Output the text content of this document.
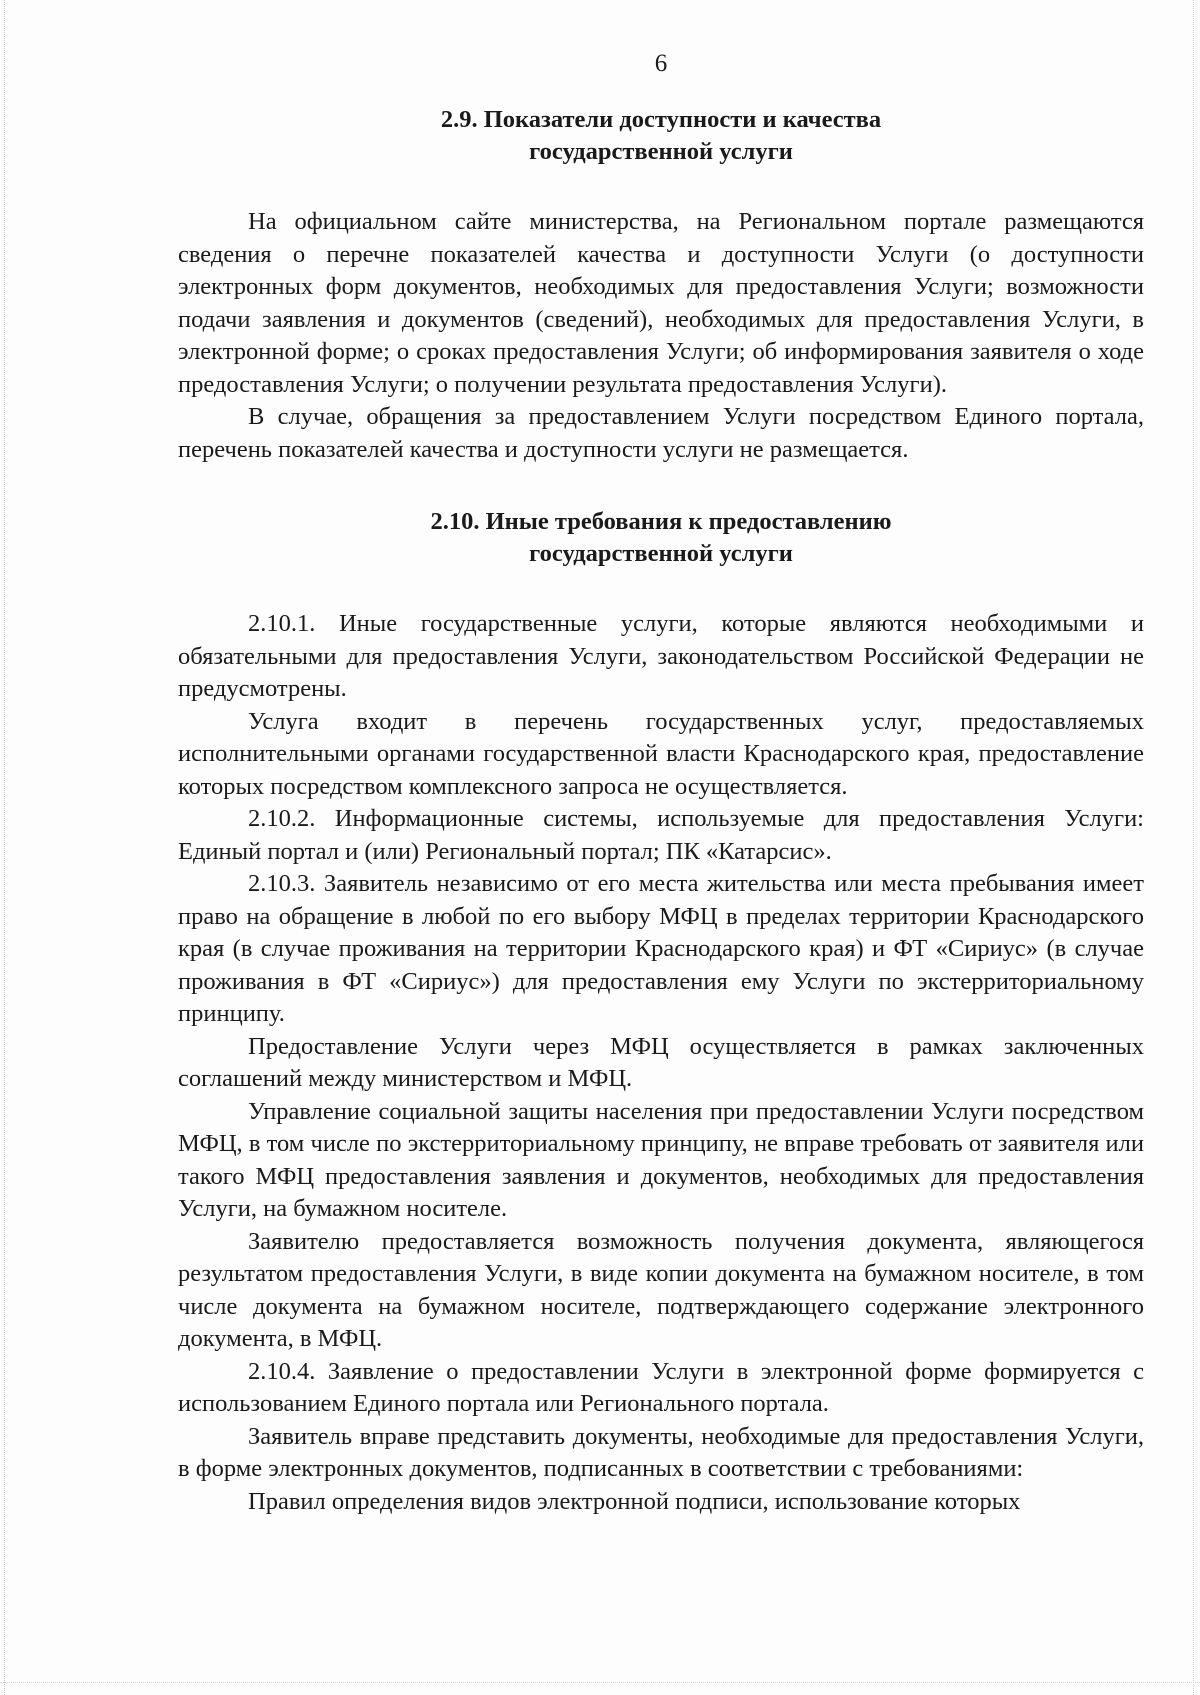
6
2.9. Показатели доступности и качества
государственной услуги

На официальном сайте министерства, на Региональном портале размещаются сведения о перечне показателей качества и доступности Услуги (о доступности электронных форм документов, необходимых для предоставления Услуги; возможности подачи заявления и документов (сведений), необходимых для предоставления Услуги, в электронной форме; о сроках предоставления Услуги; об информирования заявителя о ходе предоставления Услуги; о получении результата предоставления Услуги).

В случае, обращения за предоставлением Услуги посредством Единого портала, перечень показателей качества и доступности услуги не размещается.

2.10. Иные требования к предоставлению
государственной услуги

2.10.1. Иные государственные услуги, которые являются необходимыми и обязательными для предоставления Услуги, законодательством Российской Федерации не предусмотрены.

Услуга входит в перечень государственных услуг, предоставляемых исполнительными органами государственной власти Краснодарского края, предоставление которых посредством комплексного запроса не осуществляется.

2.10.2. Информационные системы, используемые для предоставления Услуги: Единый портал и (или) Региональный портал; ПК «Катарсис».

2.10.3. Заявитель независимо от его места жительства или места пребывания имеет право на обращение в любой по его выбору МФЦ в пределах территории Краснодарского края (в случае проживания на территории Краснодарского края) и ФТ «Сириус» (в случае проживания в ФТ «Сириус») для предоставления ему Услуги по экстерриториальному принципу.

Предоставление Услуги через МФЦ осуществляется в рамках заключенных соглашений между министерством и МФЦ.

Управление социальной защиты населения при предоставлении Услуги посредством МФЦ, в том числе по экстерриториальному принципу, не вправе требовать от заявителя или такого МФЦ предоставления заявления и документов, необходимых для предоставления Услуги, на бумажном носителе.

Заявителю предоставляется возможность получения документа, являющегося результатом предоставления Услуги, в виде копии документа на бумажном носителе, в том числе документа на бумажном носителе, подтверждающего содержание электронного документа, в МФЦ.

2.10.4. Заявление о предоставлении Услуги в электронной форме формируется с использованием Единого портала или Регионального портала.

Заявитель вправе представить документы, необходимые для предоставления Услуги, в форме электронных документов, подписанных в соответствии с требованиями:

Правил определения видов электронной подписи, использование которых
